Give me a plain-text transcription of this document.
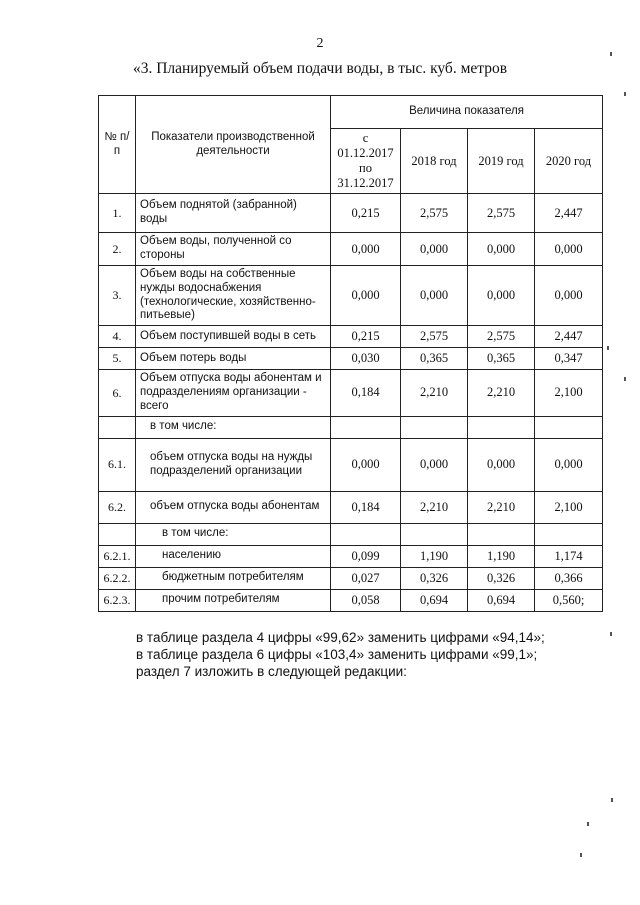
2
«3. Планируемый объем подачи воды, в тыс. куб. метров
№ п/п	Показатели производственной деятельности	Величина показателя			
		с 01.12.2017 по 31.12.2017	2018 год	2019 год	2020 год
1.	Объем поднятой (забранной) воды	0,215	2,575	2,575	2,447
2.	Объем воды, полученной со стороны	0,000	0,000	0,000	0,000
3.	Объем воды на собственные нужды водоснабжения (технологические, хозяйственно-питьевые)	0,000	0,000	0,000	0,000
4.	Объем поступившей воды в сеть	0,215	2,575	2,575	2,447
5.	Объем потерь воды	0,030	0,365	0,365	0,347
6.	Объем отпуска воды абонентам и подразделениям организации - всего	0,184	2,210	2,210	2,100
	в том числе:				
6.1.	объем отпуска воды на нужды подразделений организации	0,000	0,000	0,000	0,000
6.2.	объем отпуска воды абонентам	0,184	2,210	2,210	2,100
	в том числе:				
6.2.1.	населению	0,099	1,190	1,190	1,174
6.2.2.	бюджетным потребителям	0,027	0,326	0,326	0,366
6.2.3.	прочим потребителям	0,058	0,694	0,694	0,560;

в таблице раздела 4 цифры «99,62» заменить цифрами «94,14»;

в таблице раздела 6 цифры «103,4» заменить цифрами «99,1»;

раздел 7 изложить в следующей редакции:
